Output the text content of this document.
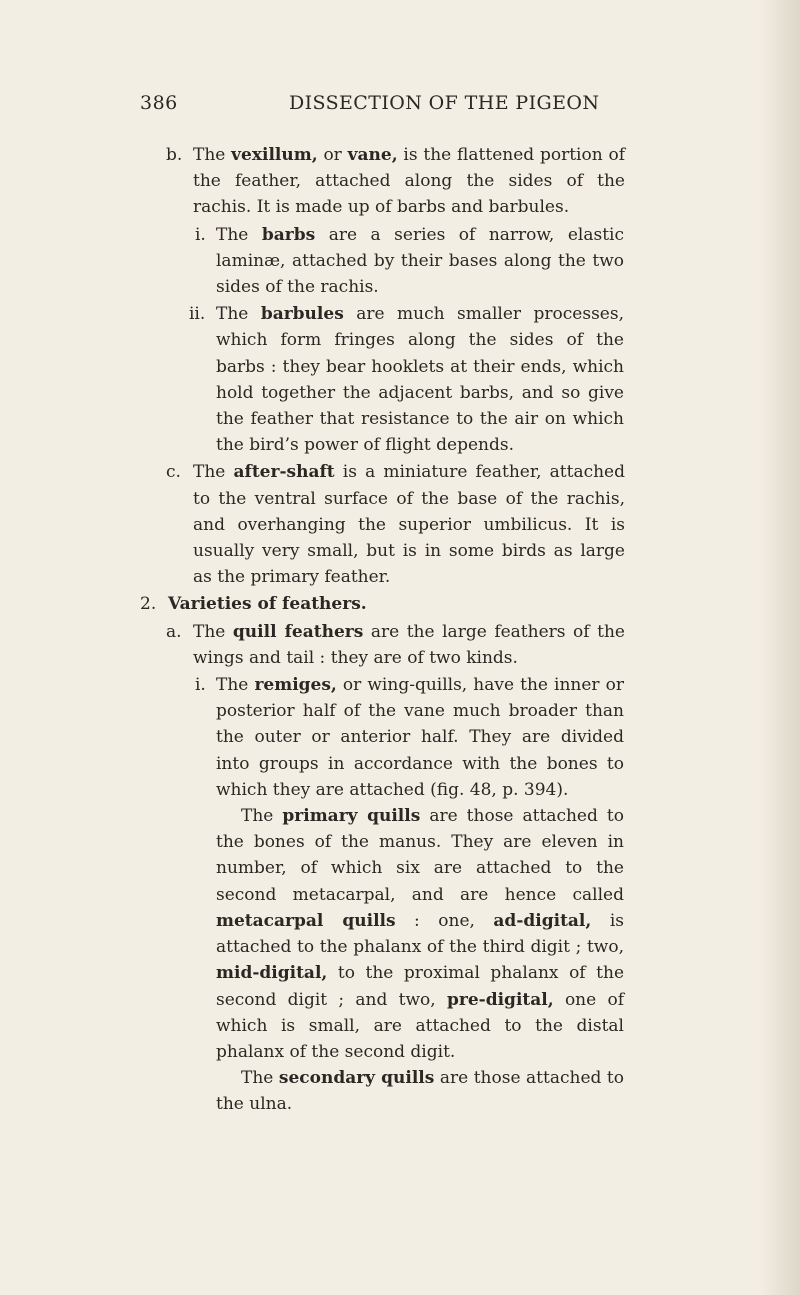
386	DISSECTION OF THE PIGEON
b. The vexillum, or vane, is the flattened portion of the feather, attached along the sides of the rachis. It is made up of barbs and barbules.
i. The barbs are a series of narrow, elastic laminæ, attached by their bases along the two sides of the rachis.
ii. The barbules are much smaller processes, which form fringes along the sides of the barbs : they bear hooklets at their ends, which hold together the adjacent barbs, and so give the feather that resistance to the air on which the bird’s power of flight depends.
c. The after-shaft is a miniature feather, attached to the ventral surface of the base of the rachis, and overhanging the superior umbilicus. It is usually very small, but is in some birds as large as the primary feather.
2. Varieties of feathers.
a. The quill feathers are the large feathers of the wings and tail : they are of two kinds.
i. The remiges, or wing-quills, have the inner or posterior half of the vane much broader than the outer or anterior half. They are divided into groups in accordance with the bones to which they are attached (fig. 48, p. 394).
The primary quills are those attached to the bones of the manus. They are eleven in number, of which six are attached to the second metacarpal, and are hence called metacarpal quills : one, ad-digital, is attached to the phalanx of the third digit ; two, mid-digital, to the proximal phalanx of the second digit ; and two, pre-digital, one of which is small, are attached to the distal phalanx of the second digit.
The secondary quills are those attached to the ulna.
